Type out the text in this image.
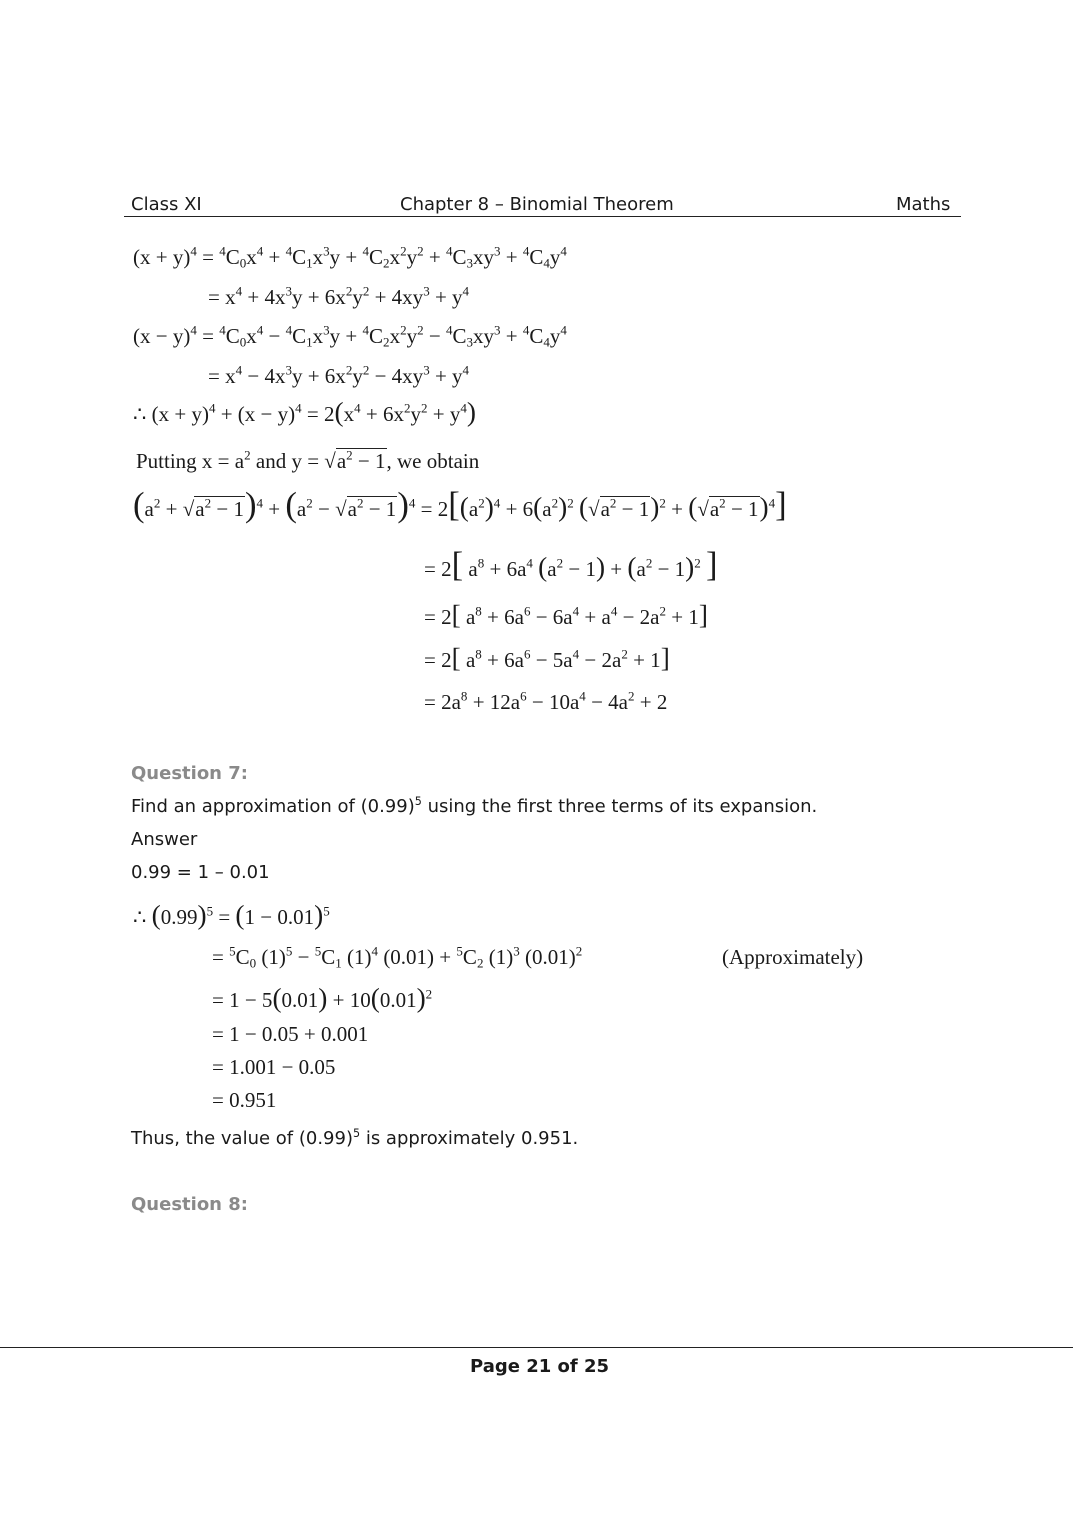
Class XI	Chapter 8 – Binomial Theorem	Maths
$(x + y)^4 = ^4C_0x^4 + ^4C_1x^3y + ^4C_2x^2y^2 + ^4C_3xy^3 + ^4C_4y^4$
= $x^4 + 4x^3y + 6x^2y^2 + 4xy^3 + y^4$
$(x - y)^4 = ^4C_0x^4 - ^4C_1x^3y + ^4C_2x^2y^2 - ^4C_3xy^3 + ^4C_4y^4$
= $x^4 - 4x^3y + 6x^2y^2 - 4xy^3 + y^4$
∴ $(x + y)^4 + (x - y)^4 = 2(x^4 + 6x^2y^2 + y^4)$
Putting $x = a^2$ and $y = √a^2 - 1$, we obtain
$(a^2 + √a^2 - 1)^4 + (a^2 - √a^2 - 1)^4 = 2[(a^2)^4 + 6(a^2)^2$ $(√a^2 - 1)^2 + (√a^2 - 1)^4$]
= 2[ $a^8 + 6a^4$ $(a^2 - 1) + (a^2 - 1)^2$ ]
= 2[ $a^8 + 6a^6 - 6a^4 + a^4 - 2a^2 + 1$]
= 2[ $a^8 + 6a^6 - 5a^4 - 2a^2 + 1$]
= $2a^8 + 12a^6 - 10a^4 - 4a^2 + 2$
Question 7:
Find an approximation of $(0.99)^5$ using the first three terms of its expansion.
Answer
0.99 = 1 – 0.01
∴ $(0.99)^5 = (1 - 0.01)^5$
= $^5C_0$ $(1)^5 - ^5C_1$ $(1)^4$ $(0.01) + ^5C_2$ $(1)^3$ $(0.01)^2$	(Approximately)
= $1 - 5(0.01) + 10(0.01)^2$
= 1 − 0.05 + 0.001
= 1.001 − 0.05
= 0.951
Thus, the value of $(0.99)^5$ is approximately 0.951.
Question 8:
Page 21 of 25
